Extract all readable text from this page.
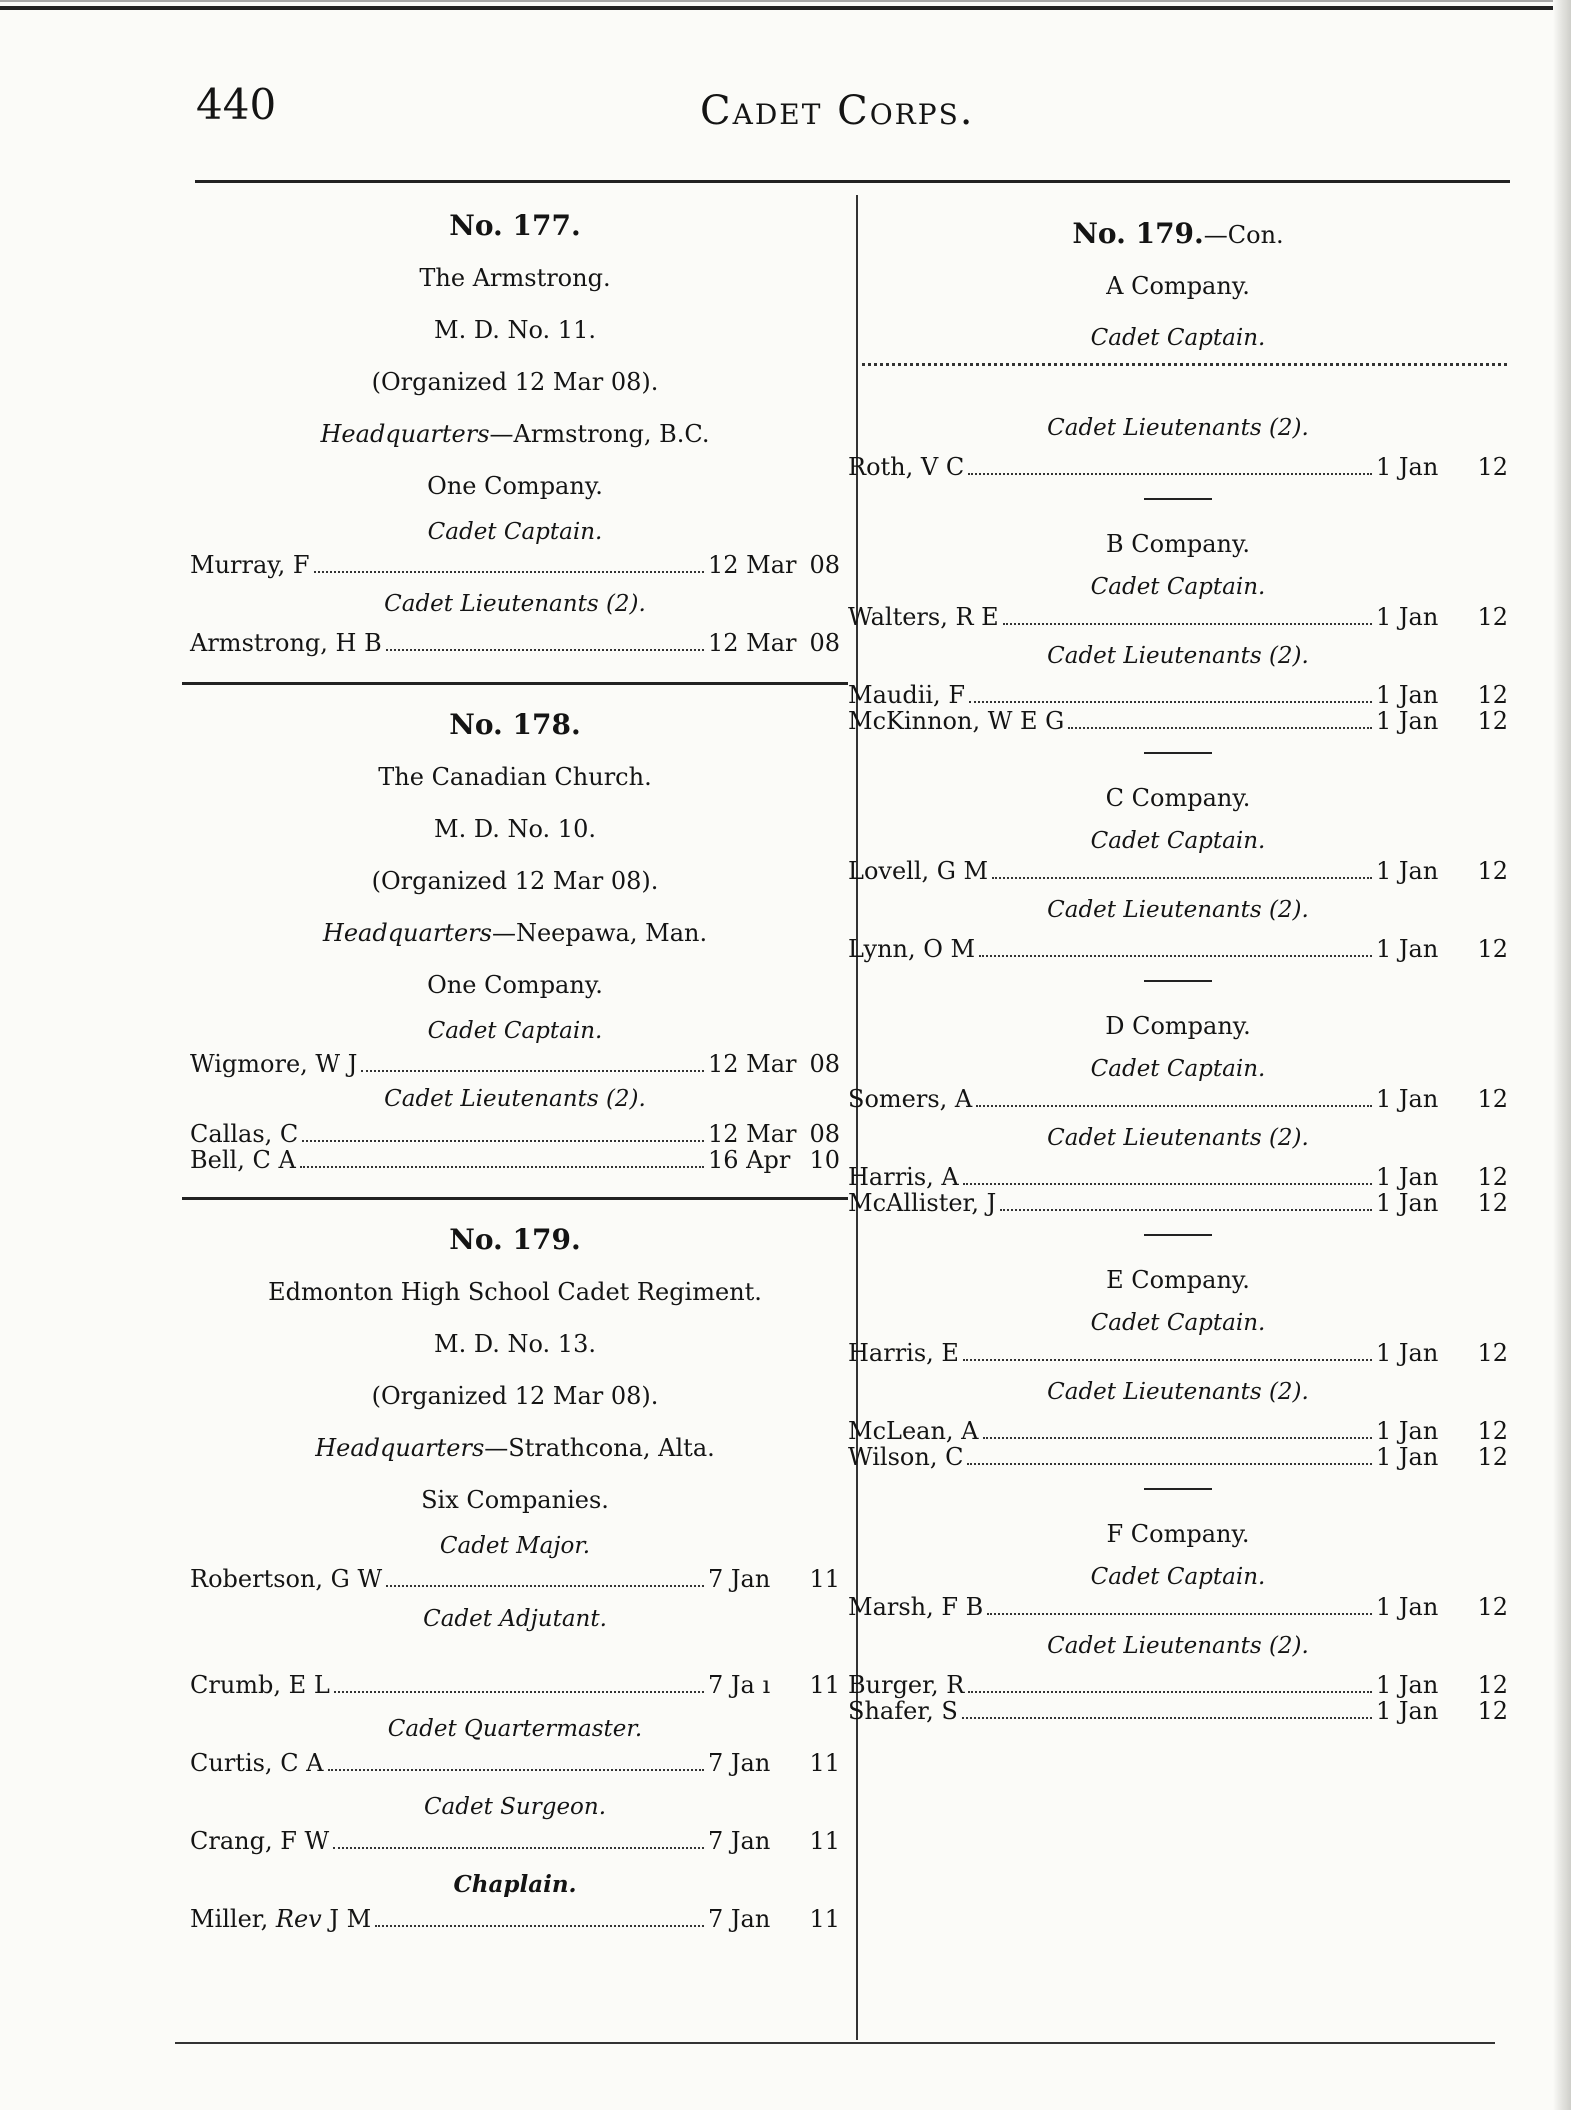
440	Cadet Corps.
No. 177.
The Armstrong.
M. D. No. 11.
(Organized 12 Mar 08).
Headquarters—Armstrong, B.C.
One Company.
Cadet Captain.
Murray, F	12 Mar 08
Cadet Lieutenants (2).
Armstrong, H B	12 Mar 08
No. 178.
The Canadian Church.
M. D. No. 10.
(Organized 12 Mar 08).
Headquarters—Neepawa, Man.
One Company.
Cadet Captain.
Wigmore, W J	12 Mar 08
Cadet Lieutenants (2).
Callas, C	12 Mar 08
Bell, C A	16 Apr 10
No. 179.
Edmonton High School Cadet Regiment.
M. D. No. 13.
(Organized 12 Mar 08).
Headquarters—Strathcona, Alta.
Six Companies.
Cadet Major.
Robertson, G W	7 Jan	11
Cadet Adjutant.
Crumb, E L	7 Ja ı	11
Cadet Quartermaster.
Curtis, C A	7 Jan	11
Cadet Surgeon.
Crang, F W	7 Jan	11
Chaplain.
Miller, Rev J M	7 Jan	11
No. 179.—Con.
A Company.
Cadet Captain.
Cadet Lieutenants (2).
Roth, V C	1 Jan	12
B Company.
Cadet Captain.
Walters, R E	1 Jan	12
Cadet Lieutenants (2).
Maudii, F	1 Jan	12
McKinnon, W E G	1 Jan	12
C Company.
Cadet Captain.
Lovell, G M	1 Jan	12
Cadet Lieutenants (2).
Lynn, O M	1 Jan	12
D Company.
Cadet Captain.
Somers, A	1 Jan	12
Cadet Lieutenants (2).
Harris, A	1 Jan	12
McAllister, J	1 Jan	12
E Company.
Cadet Captain.
Harris, E	1 Jan	12
Cadet Lieutenants (2).
McLean, A	1 Jan	12
Wilson, C	1 Jan	12
F Company.
Cadet Captain.
Marsh, F B	1 Jan	12
Cadet Lieutenants (2).
Burger, R	1 Jan	12
Shafer, S	1 Jan	12
